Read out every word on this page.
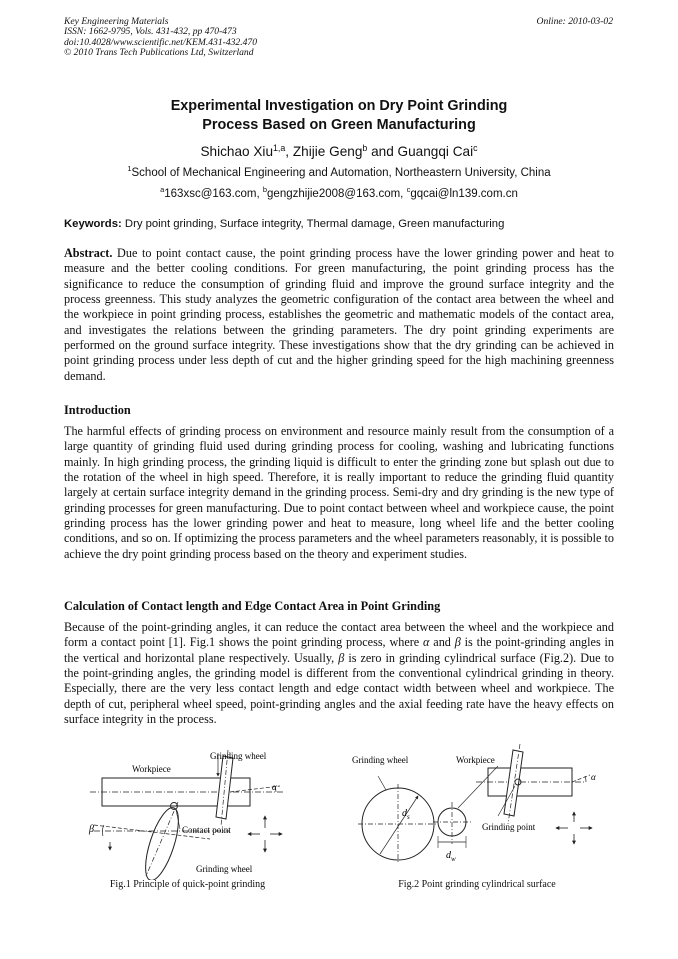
Key Engineering Materials
ISSN: 1662-9795, Vols. 431-432, pp 470-473
doi:10.4028/www.scientific.net/KEM.431-432.470
© 2010 Trans Tech Publications Ltd, Switzerland
Online: 2010-03-02
Experimental Investigation on Dry Point Grinding
Process Based on Green Manufacturing
Shichao Xiu$^{1,a}$, Zhijie Geng$^b$ and Guangqi Cai$^c$
$^1$School of Mechanical Engineering and Automation, Northeastern University, China
$^a$163xsc@163.com, $^b$gengzhijie2008@163.com, $^c$gqcai@ln139.com.cn
Keywords: Dry point grinding, Surface integrity, Thermal damage, Green manufacturing
Abstract. Due to point contact cause, the point grinding process have the lower grinding power and heat to measure and the better cooling conditions. For green manufacturing, the point grinding process has the significance to reduce the consumption of grinding fluid and improve the ground surface integrity and the process greenness. This study analyzes the geometric configuration of the contact area between the wheel and the workpiece in point grinding process, establishes the geometric and mathematic models of the contact area, and investigates the relations between the grinding parameters. The dry point grinding experiments are performed on the ground surface integrity. These investigations show that the dry grinding can be achieved in point grinding process under less depth of cut and the higher grinding speed for the high machining greenness demand.
Introduction
The harmful effects of grinding process on environment and resource mainly result from the consumption of a large quantity of grinding fluid used during grinding process for cooling, washing and lubricating functions mainly. In high grinding process, the grinding liquid is difficult to enter the grinding zone but splash out due to the rotation of the wheel in high speed. Therefore, it is really important to reduce the grinding fluid quantity largely at certain surface integrity demand in the grinding process. Semi-dry and dry grinding is the new type of grinding processes for green manufacturing. Due to point contact between wheel and workpiece cause, the point grinding process has the lower grinding power and heat to measure, long wheel life and the better cooling conditions, and so on. If optimizing the process parameters and the wheel parameters reasonably, it is possible to achieve the dry point grinding process based on the theory and experiment studies.
Calculation of Contact length and Edge Contact Area in Point Grinding
Because of the point-grinding angles, it can reduce the contact area between the wheel and the workpiece and form a contact point [1]. Fig.1 shows the point grinding process, where α and β is the point-grinding angles in the vertical and horizontal plane respectively. Usually, β is zero in grinding cylindrical surface (Fig.2). Due to the point-grinding angles, the grinding model is different from the conventional cylindrical grinding in theory. Especially, there are the very less contact length and edge contact width between wheel and workpiece. The depth of cut, peripheral wheel speed, point-grinding angles and the axial feeding rate have the heavy effects on surface integrity in the process.
Grinding wheel
Workpiece
α
β	Contact point
Grinding wheel
Fig.1 Principle of quick-point grinding
Grinding wheel	Workpiece
$d_s$
$d_w$
α
Grinding point
Fig.2 Point grinding cylindrical surface
